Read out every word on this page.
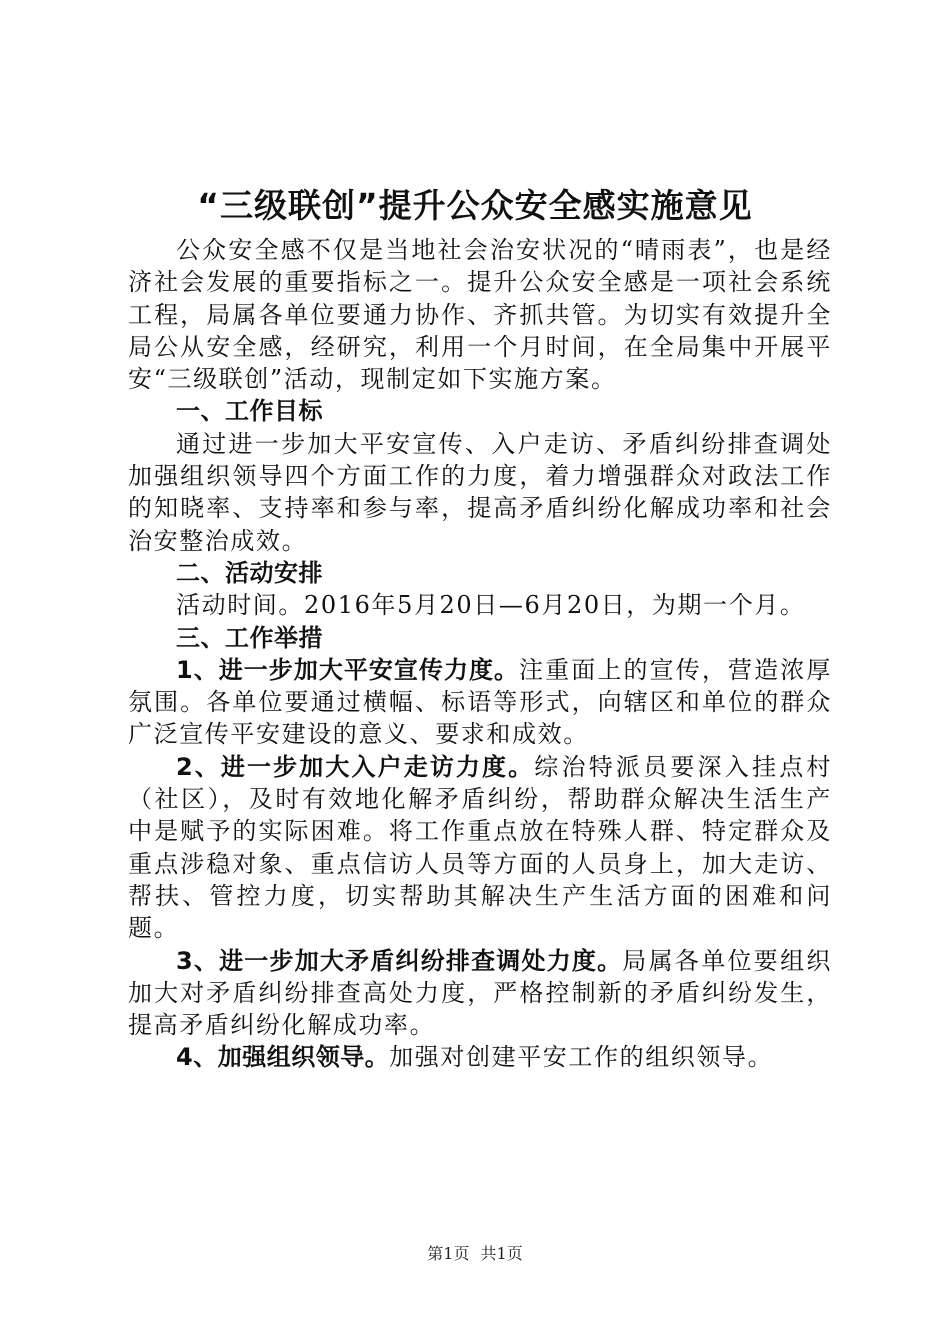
“三级联创”提升公众安全感实施意见

公众安全感不仅是当地社会治安状况的“晴雨表”，也是经济社会发展的重要指标之一。提升公众安全感是一项社会系统工程，局属各单位要通力协作、齐抓共管。为切实有效提升全局公从安全感，经研究，利用一个月时间，在全局集中开展平安“三级联创”活动，现制定如下实施方案。

一、工作目标

通过进一步加大平安宣传、入户走访、矛盾纠纷排查调处加强组织领导四个方面工作的力度，着力增强群众对政法工作的知晓率、支持率和参与率，提高矛盾纠纷化解成功率和社会治安整治成效。

二、活动安排

活动时间。2016年5月20日—6月20日，为期一个月。

三、工作举措

1、进一步加大平安宣传力度。注重面上的宣传，营造浓厚氛围。各单位要通过横幅、标语等形式，向辖区和单位的群众广泛宣传平安建设的意义、要求和成效。

2、进一步加大入户走访力度。综治特派员要深入挂点村（社区），及时有效地化解矛盾纠纷，帮助群众解决生活生产中是赋予的实际困难。将工作重点放在特殊人群、特定群众及重点涉稳对象、重点信访人员等方面的人员身上，加大走访、帮扶、管控力度，切实帮助其解决生产生活方面的困难和问题。

3、进一步加大矛盾纠纷排查调处力度。局属各单位要组织加大对矛盾纠纷排查高处力度，严格控制新的矛盾纠纷发生，提高矛盾纠纷化解成功率。

4、加强组织领导。加强对创建平安工作的组织领导。

第1页 共1页
